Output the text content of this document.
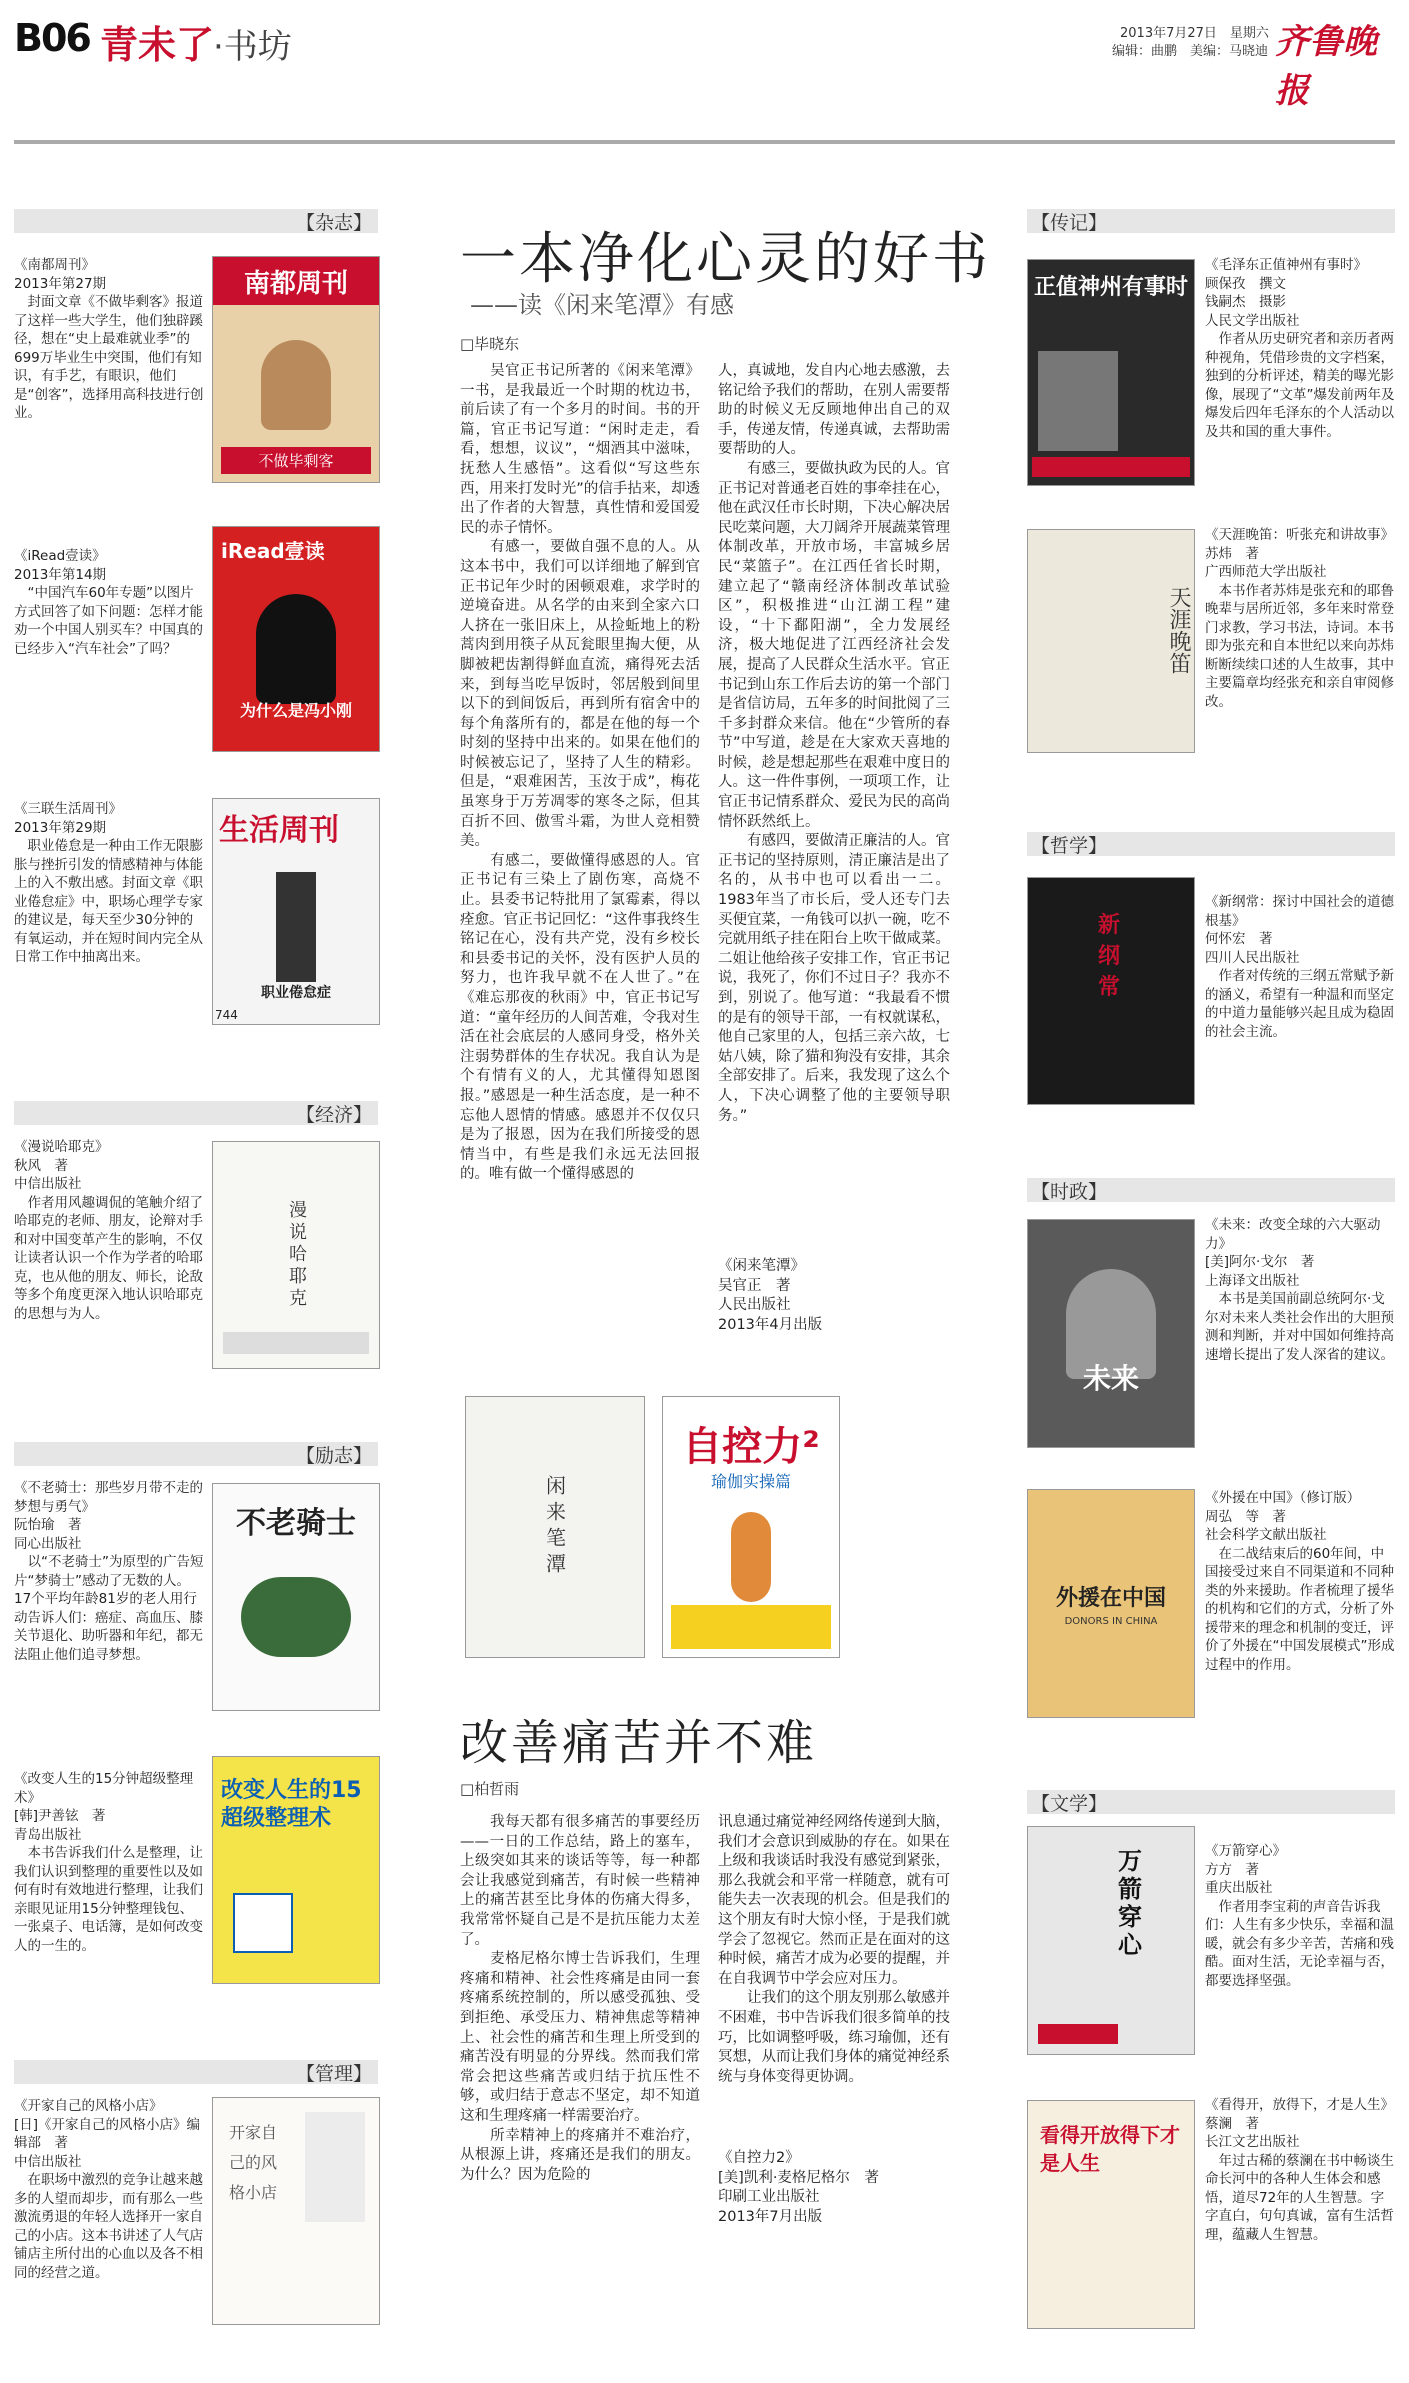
B06 青未了
·书坊	2013年7月27日　星期六
编辑：曲鹏　美编：马晓迪 齐鲁晚报
【杂志】
《南都周刊》
2013年第27期
　封面文章《不做毕剩客》报道了这样一些大学生，他们独辟蹊径，想在“史上最难就业季”的699万毕业生中突围，他们有知识，有手艺，有眼识，他们是“创客”，选择用高科技进行创业。
南都周刊
不做毕剩客
《iRead壹读》
2013年第14期
　“中国汽车60年专题”以图片方式回答了如下问题：怎样才能劝一个中国人别买车？中国真的已经步入“汽车社会”了吗？
iRead壹读
为什么是冯小刚
《三联生活周刊》
2013年第29期
　职业倦怠是一种由工作无限膨胀与挫折引发的情感精神与体能上的入不敷出感。封面文章《职业倦怠症》中，职场心理学专家的建议是，每天至少30分钟的有氧运动，并在短时间内完全从日常工作中抽离出来。
生活周刊
职业倦怠症
744
【经济】
《漫说哈耶克》
秋风　著
中信出版社
　作者用风趣调侃的笔触介绍了哈耶克的老师、朋友，论辩对手和对中国变革产生的影响，不仅让读者认识一个作为学者的哈耶克，也从他的朋友、师长，论敌等多个角度更深入地认识哈耶克的思想与为人。
漫说哈耶克
【励志】
《不老骑士：那些岁月带不走的梦想与勇气》
阮怡瑜　著
同心出版社
　以“不老骑士”为原型的广告短片“梦骑士”感动了无数的人。17个平均年龄81岁的老人用行动告诉人们：癌症、高血压、膝关节退化、助听器和年纪，都无法阻止他们追寻梦想。
不老骑士
《改变人生的15分钟超级整理术》
[韩]尹善铉　著
青岛出版社
　本书告诉我们什么是整理，让我们认识到整理的重要性以及如何有时有效地进行整理，让我们亲眼见证用15分钟整理钱包、一张桌子、电话簿，是如何改变人的一生的。
改变人生的15超级整理术
【管理】
《开家自己的风格小店》
[日]《开家自己的风格小店》编辑部　著
中信出版社
　在职场中激烈的竞争让越来越多的人望而却步，而有那么一些激流勇退的年轻人选择开一家自己的小店。这本书讲述了人气店铺店主所付出的心血以及各不相同的经营之道。
开家自己的风格小店
一本净化心灵的好书
——读《闲来笔潭》有感
□毕晓东
　　吴官正书记所著的《闲来笔潭》一书，是我最近一个时期的枕边书，前后读了有一个多月的时间。书的开篇，官正书记写道：“闲时走走，看看，想想，议议”，“烟酒其中滋味，抚愁人生感悟”。这看似“写这些东西，用来打发时光”的信手拈来，却透出了作者的大智慧，真性情和爱国爱民的赤子情怀。
　　有感一，要做自强不息的人。从这本书中，我们可以详细地了解到官正书记年少时的困顿艰难，求学时的逆境奋进。从名学的由来到全家六口人挤在一张旧床上，从捡蚯地上的粉蒿肉到用筷子从瓦瓮眼里掏大便，从脚被耙齿割得鲜血直流，痛得死去活来，到每当吃早饭时，邻居般到间里以下的到间饭后，再到所有宿舍中的每个角落所有的，都是在他的每一个时刻的坚持中出来的。如果在他们的时候被忘记了，坚持了人生的精彩。但是，“艰难困苦，玉汝于成”，梅花虽寒身于万芳凋零的寒冬之际，但其百折不回、傲雪斗霜，为世人竞相赞美。
　　有感二，要做懂得感恩的人。官正书记有三染上了剧伤寒，高烧不止。县委书记特批用了氯霉素，得以痊愈。官正书记回忆：“这件事我终生铭记在心，没有共产党，没有乡校长和县委书记的关怀，没有医护人员的努力，也许我早就不在人世了。”在《难忘那夜的秋雨》中，官正书记写道：“童年经历的人间苦难，令我对生活在社会底层的人感同身受，格外关注弱势群体的生存状况。我自认为是个有情有义的人，尤其懂得知恩图报。”感恩是一种生活态度，是一种不忘他人恩情的情感。感恩并不仅仅只是为了报恩，因为在我们所接受的恩情当中，有些是我们永远无法回报的。唯有做一个懂得感恩的
人，真诚地，发自内心地去感激，去铭记给予我们的帮助，在别人需要帮助的时候义无反顾地伸出自己的双手，传递友情，传递真诚，去帮助需要帮助的人。
　　有感三，要做执政为民的人。官正书记对普通老百姓的事牵挂在心，他在武汉任市长时期，下决心解决居民吃菜问题，大刀阔斧开展蔬菜管理体制改革，开放市场，丰富城乡居民“菜篮子”。在江西任省长时期，建立起了“赣南经济体制改革试验区”，积极推进“山江湖工程”建设，“十下鄱阳湖”，全力发展经济，极大地促进了江西经济社会发展，提高了人民群众生活水平。官正书记到山东工作后去访的第一个部门是省信访局，五年多的时间批阅了三千多封群众来信。他在“少管所的春节”中写道，趁是在大家欢天喜地的时候，趁是想起那些在艰难中度日的人。这一件件事例，一项项工作，让官正书记情系群众、爱民为民的高尚情怀跃然纸上。
　　有感四，要做清正廉洁的人。官正书记的坚持原则，清正廉洁是出了名的，从书中也可以看出一二。1983年当了市长后，受人还专门去买便宜菜，一角钱可以扒一碗，吃不完就用纸子挂在阳台上吹干做咸菜。二姐让他给孩子安排工作，官正书记说，我死了，你们不过日子？我亦不到，别说了。他写道：“我最看不惯的是有的领导干部，一有权就谋私，他自己家里的人，包括三亲六故，七姑八姨，除了猫和狗没有安排，其余全部安排了。后来，我发现了这么个人，下决心调整了他的主要领导职务。”
《闲来笔潭》
吴官正　著
人民出版社
2013年4月出版
闲来笔潭
自控力²
瑜伽实操篇
改善痛苦并不难
□柏哲雨
　　我每天都有很多痛苦的事要经历——一日的工作总结，路上的塞车，上级突如其来的谈话等等，每一种都会让我感觉到痛苦，有时候一些精神上的痛苦甚至比身体的伤痛大得多，我常常怀疑自己是不是抗压能力太差了。
　　麦格尼格尔博士告诉我们，生理疼痛和精神、社会性疼痛是由同一套疼痛系统控制的，所以感受孤独、受到拒绝、承受压力、精神焦虑等精神上、社会性的痛苦和生理上所受到的痛苦没有明显的分界线。然而我们常常会把这些痛苦或归结于抗压性不够，或归结于意志不坚定，却不知道这和生理疼痛一样需要治疗。
　　所幸精神上的疼痛并不难治疗，从根源上讲，疼痛还是我们的朋友。为什么？因为危险的
讯息通过痛觉神经网络传递到大脑，我们才会意识到威胁的存在。如果在上级和我谈话时我没有感觉到紧张，那么我就会和平常一样随意，就有可能失去一次表现的机会。但是我们的这个朋友有时大惊小怪，于是我们就学会了忽视它。然而正是在面对的这种时候，痛苦才成为必要的提醒，并在自我调节中学会应对压力。
　　让我们的这个朋友别那么敏感并不困难，书中告诉我们很多简单的技巧，比如调整呼吸，练习瑜伽，还有冥想，从而让我们身体的痛觉神经系统与身体变得更协调。
《自控力2》
[美]凯利·麦格尼格尔　著
印刷工业出版社
2013年7月出版
【传记】
正值神州有事时
《毛泽东正值神州有事时》
顾保孜　撰文
钱嗣杰　摄影
人民文学出版社
　作者从历史研究者和亲历者两种视角，凭借珍贵的文字档案，独到的分析评述，精美的曝光影像，展现了“文革”爆发前两年及爆发后四年毛泽东的个人活动以及共和国的重大事件。
天涯晚笛
《天涯晚笛：听张充和讲故事》
苏炜　著
广西师范大学出版社
　本书作者苏炜是张充和的耶鲁晚辈与居所近邻，多年来时常登门求教，学习书法，诗词。本书即为张充和自本世纪以来向苏炜断断续续口述的人生故事，其中主要篇章均经张充和亲自审阅修改。
【哲学】
新纲常
《新纲常：探讨中国社会的道德根基》
何怀宏　著
四川人民出版社
　作者对传统的三纲五常赋予新的涵义，希望有一种温和而坚定的中道力量能够兴起且成为稳固的社会主流。
【时政】
未来
《未来：改变全球的六大驱动力》
[美]阿尔·戈尔　著
上海译文出版社
　本书是美国前副总统阿尔·戈尔对未来人类社会作出的大胆预测和判断，并对中国如何维持高速增长提出了发人深省的建议。
外援在中国
DONORS IN CHINA
《外援在中国》（修订版）
周弘　等　著
社会科学文献出版社
　在二战结束后的60年间，中国接受过来自不同渠道和不同种类的外来援助。作者梳理了援华的机构和它们的方式，分析了外援带来的理念和机制的变迁，评价了外援在“中国发展模式”形成过程中的作用。
【文学】
万箭穿心
《万箭穿心》
方方　著
重庆出版社
　作者用李宝莉的声音告诉我们：人生有多少快乐，幸福和温暖，就会有多少辛苦，苦痛和残酷。面对生活，无论幸福与否，都要选择坚强。
看得开放得下才是人生
《看得开，放得下，才是人生》
蔡澜　著
长江文艺出版社
　年过古稀的蔡澜在书中畅谈生命长河中的各种人生体会和感悟，道尽72年的人生智慧。字字直白，句句真诚，富有生活哲理，蕴藏人生智慧。
